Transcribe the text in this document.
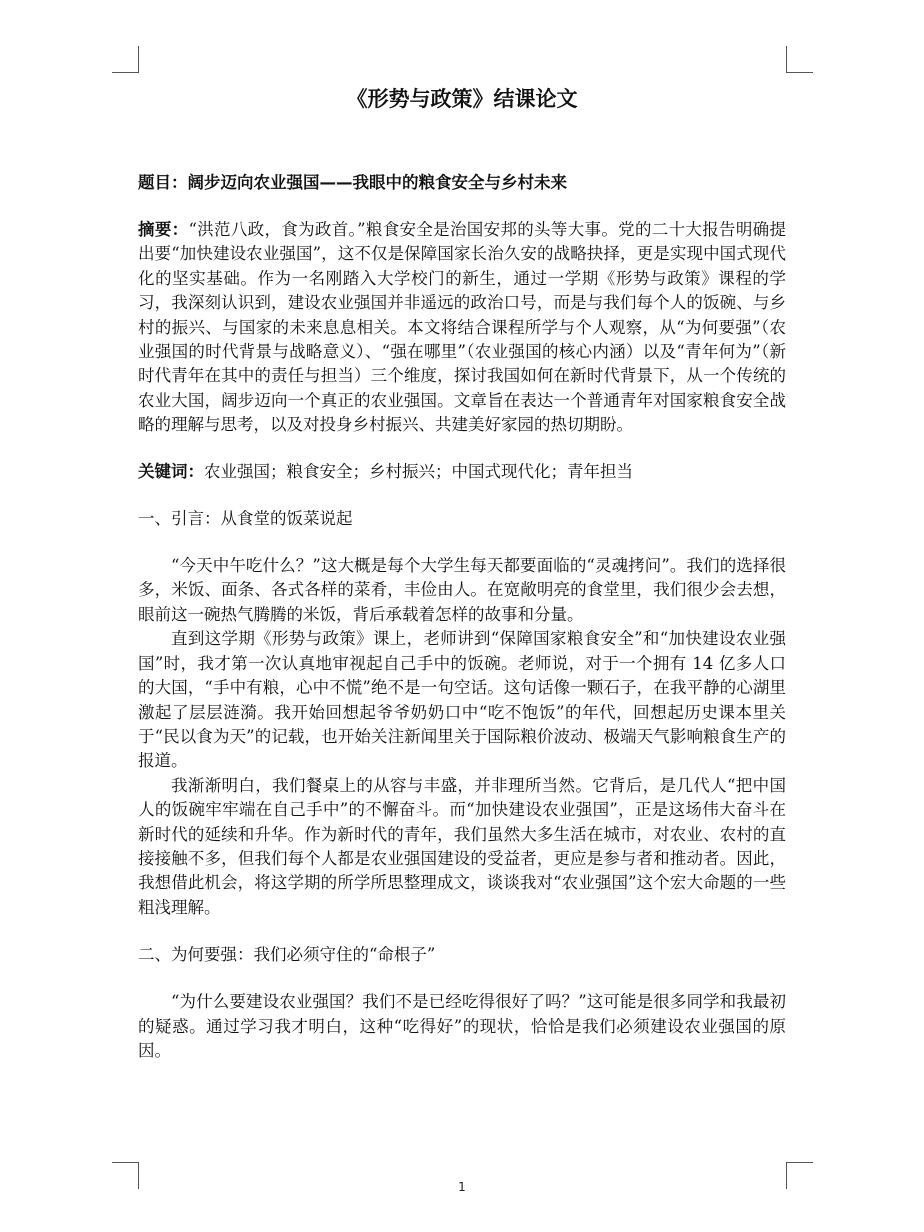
《形势与政策》结课论文
题目：阔步迈向农业强国——我眼中的粮食安全与乡村未来

摘要：“洪范八政，食为政首。”粮食安全是治国安邦的头等大事。党的二十大报告明确提出要“加快建设农业强国”，这不仅是保障国家长治久安的战略抉择，更是实现中国式现代化的坚实基础。作为一名刚踏入大学校门的新生，通过一学期《形势与政策》课程的学习，我深刻认识到，建设农业强国并非遥远的政治口号，而是与我们每个人的饭碗、与乡村的振兴、与国家的未来息息相关。本文将结合课程所学与个人观察，从“为何要强”（农业强国的时代背景与战略意义）、“强在哪里”（农业强国的核心内涵）以及“青年何为”（新时代青年在其中的责任与担当）三个维度，探讨我国如何在新时代背景下，从一个传统的农业大国，阔步迈向一个真正的农业强国。文章旨在表达一个普通青年对国家粮食安全战略的理解与思考，以及对投身乡村振兴、共建美好家园的热切期盼。

关键词：农业强国；粮食安全；乡村振兴；中国式现代化；青年担当

一、引言：从食堂的饭菜说起

“今天中午吃什么？”这大概是每个大学生每天都要面临的“灵魂拷问”。我们的选择很多，米饭、面条、各式各样的菜肴，丰俭由人。在宽敞明亮的食堂里，我们很少会去想，眼前这一碗热气腾腾的米饭，背后承载着怎样的故事和分量。

直到这学期《形势与政策》课上，老师讲到“保障国家粮食安全”和“加快建设农业强国”时，我才第一次认真地审视起自己手中的饭碗。老师说，对于一个拥有 14 亿多人口的大国，“手中有粮，心中不慌”绝不是一句空话。这句话像一颗石子，在我平静的心湖里激起了层层涟漪。我开始回想起爷爷奶奶口中“吃不饱饭”的年代，回想起历史课本里关于“民以食为天”的记载，也开始关注新闻里关于国际粮价波动、极端天气影响粮食生产的报道。

我渐渐明白，我们餐桌上的从容与丰盛，并非理所当然。它背后，是几代人“把中国人的饭碗牢牢端在自己手中”的不懈奋斗。而“加快建设农业强国”，正是这场伟大奋斗在新时代的延续和升华。作为新时代的青年，我们虽然大多生活在城市，对农业、农村的直接接触不多，但我们每个人都是农业强国建设的受益者，更应是参与者和推动者。因此，我想借此机会，将这学期的所学所思整理成文，谈谈我对“农业强国”这个宏大命题的一些粗浅理解。

二、为何要强：我们必须守住的“命根子”

“为什么要建设农业强国？我们不是已经吃得很好了吗？”这可能是很多同学和我最初的疑惑。通过学习我才明白，这种“吃得好”的现状，恰恰是我们必须建设农业强国的原因。

1
